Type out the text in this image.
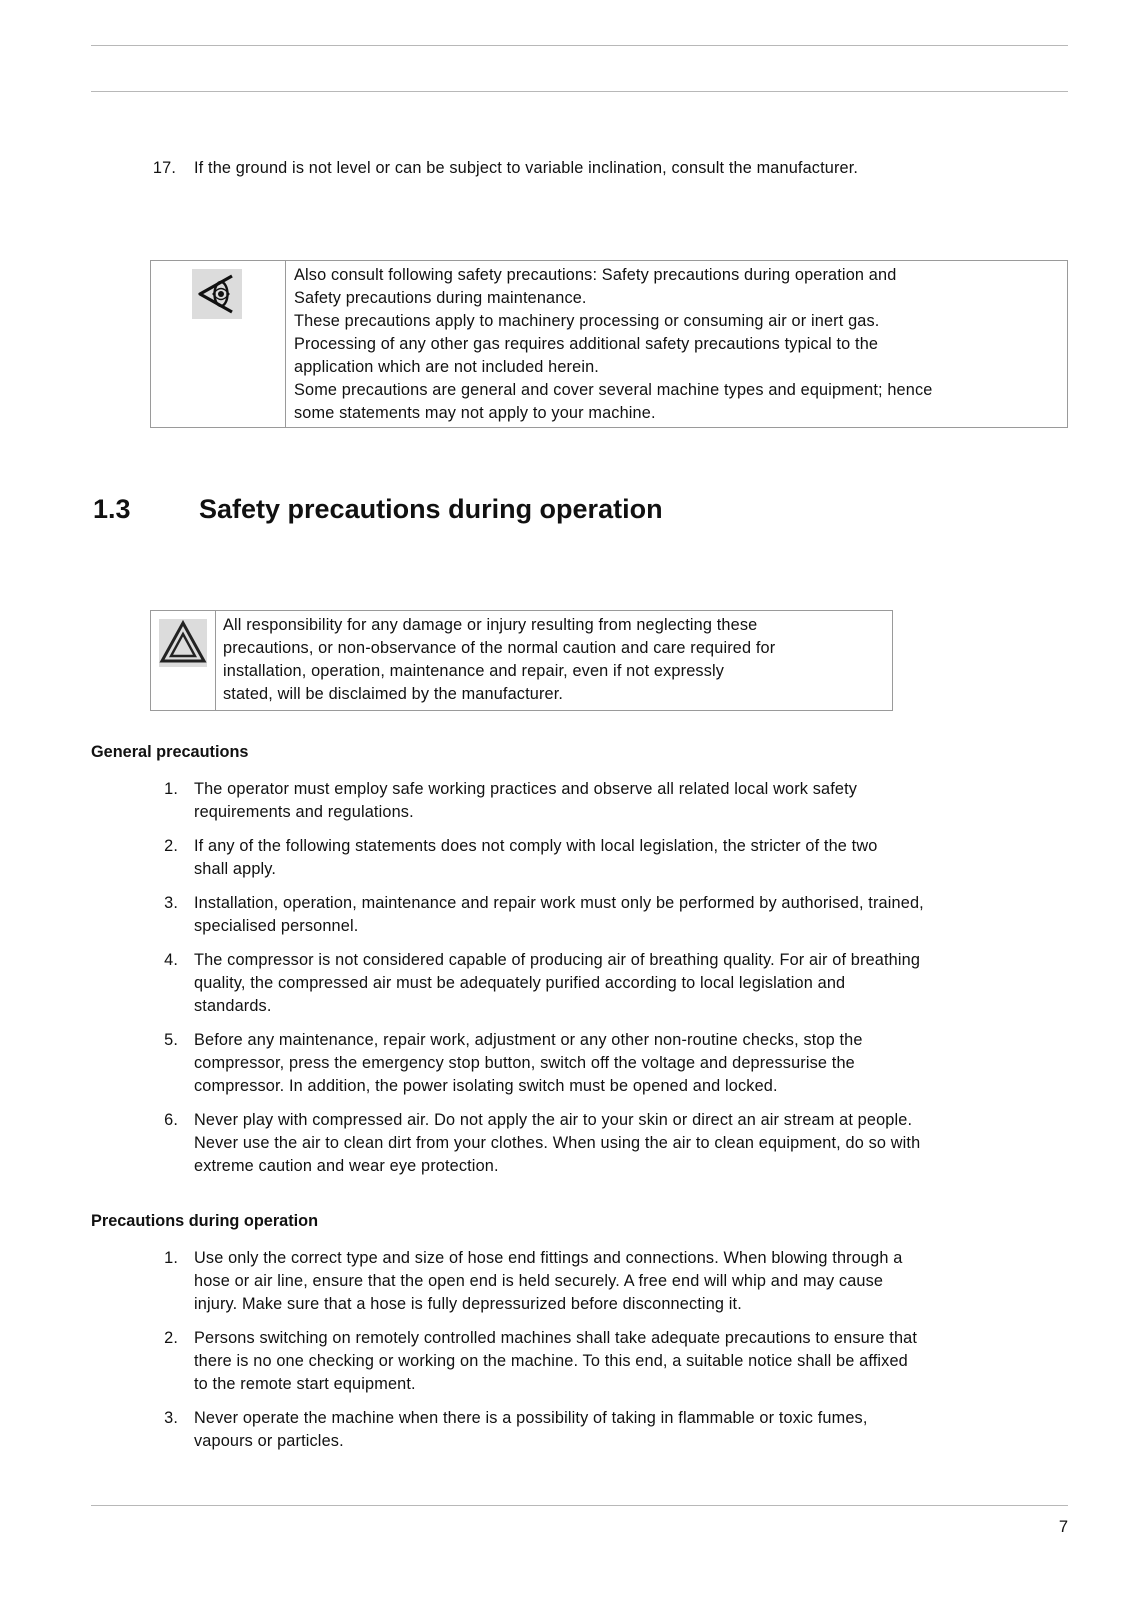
17. If the ground is not level or can be subject to variable inclination, consult the manufacturer.
Also consult following safety precautions: Safety precautions during operation and
Safety precautions during maintenance.
These precautions apply to machinery processing or consuming air or inert gas.
Processing of any other gas requires additional safety precautions typical to the
application which are not included herein.
Some precautions are general and cover several machine types and equipment; hence
some statements may not apply to your machine.
1.3	Safety precautions during operation
All responsibility for any damage or injury resulting from neglecting these
precautions, or non-observance of the normal caution and care required for
installation, operation, maintenance and repair, even if not expressly
stated, will be disclaimed by the manufacturer.
General precautions
1. The operator must employ safe working practices and observe all related local work safety
requirements and regulations.
2. If any of the following statements does not comply with local legislation, the stricter of the two
shall apply.
3. Installation, operation, maintenance and repair work must only be performed by authorised, trained,
specialised personnel.
4. The compressor is not considered capable of producing air of breathing quality. For air of breathing
quality, the compressed air must be adequately purified according to local legislation and
standards.
5. Before any maintenance, repair work, adjustment or any other non-routine checks, stop the
compressor, press the emergency stop button, switch off the voltage and depressurise the
compressor. In addition, the power isolating switch must be opened and locked.
6. Never play with compressed air. Do not apply the air to your skin or direct an air stream at people.
Never use the air to clean dirt from your clothes. When using the air to clean equipment, do so with
extreme caution and wear eye protection.
Precautions during operation
1. Use only the correct type and size of hose end fittings and connections. When blowing through a
hose or air line, ensure that the open end is held securely. A free end will whip and may cause
injury. Make sure that a hose is fully depressurized before disconnecting it.
2. Persons switching on remotely controlled machines shall take adequate precautions to ensure that
there is no one checking or working on the machine. To this end, a suitable notice shall be affixed
to the remote start equipment.
3. Never operate the machine when there is a possibility of taking in flammable or toxic fumes,
vapours or particles.
7
